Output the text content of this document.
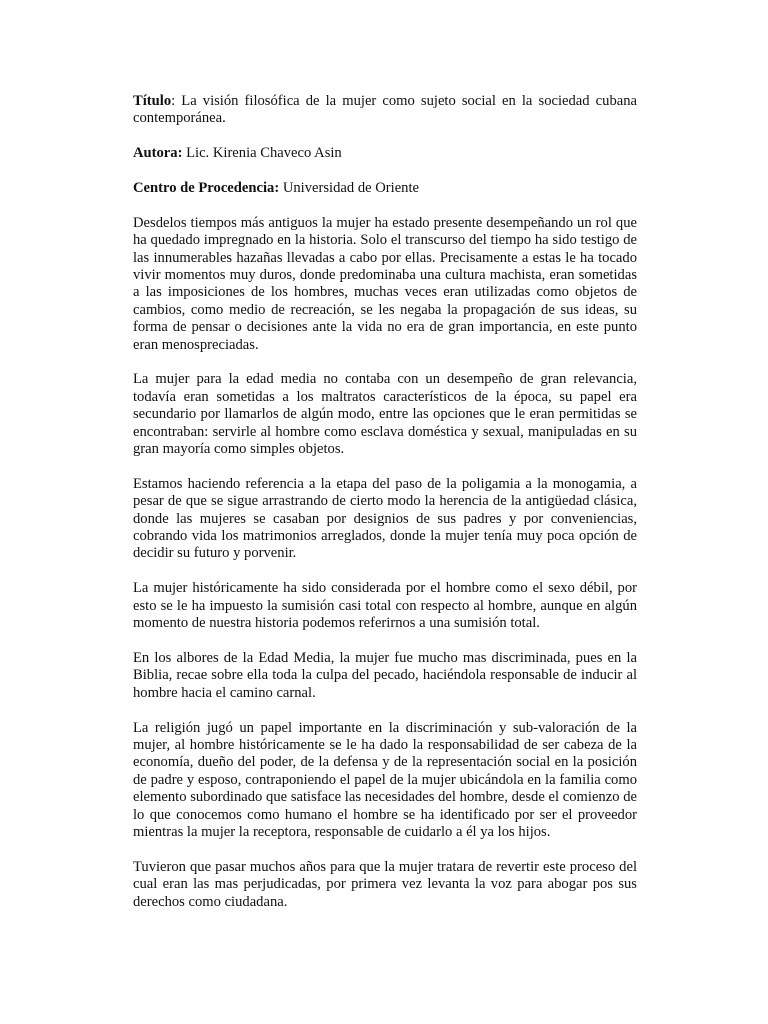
Título: La visión filosófica de la mujer como sujeto social en la sociedad cubana contemporánea.

Autora: Lic. Kirenia Chaveco Asin

Centro de Procedencia: Universidad de Oriente

Desdelos tiempos más antiguos la mujer ha estado presente desempeñando un rol que ha quedado impregnado en la historia. Solo el transcurso del tiempo ha sido testigo de las innumerables hazañas llevadas a cabo por ellas. Precisamente a estas le ha tocado vivir momentos muy duros, donde predominaba una cultura machista, eran sometidas a las imposiciones de los hombres, muchas veces eran utilizadas como objetos de cambios, como medio de recreación, se les negaba la propagación de sus ideas, su forma de pensar o decisiones ante la vida no era de gran importancia, en este punto eran menospreciadas.

La mujer para la edad media no contaba con un desempeño de gran relevancia, todavía eran sometidas a los maltratos característicos de la época, su papel era secundario por llamarlos de algún modo, entre las opciones que le eran permitidas se encontraban: servirle al hombre como esclava doméstica y sexual, manipuladas en su gran mayoría como simples objetos.

Estamos haciendo referencia a la etapa del paso de la poligamia a la monogamia, a pesar de que se sigue arrastrando de cierto modo la herencia de la antigüedad clásica, donde las mujeres se casaban por designios de sus padres y por conveniencias, cobrando vida los matrimonios arreglados, donde la mujer tenía muy poca opción de decidir su futuro y porvenir.

La mujer históricamente ha sido considerada por el hombre como el sexo débil, por esto se le ha impuesto la sumisión casi total con respecto al hombre, aunque en algún momento de nuestra historia podemos referirnos a una sumisión total.

En los albores de la Edad Media, la mujer fue mucho mas discriminada, pues en la Biblia, recae sobre ella toda la culpa del pecado, haciéndola responsable de inducir al hombre hacia el camino carnal.

La religión jugó un papel importante en la discriminación y sub-valoración de la mujer, al hombre históricamente se le ha dado la responsabilidad de ser cabeza de la economía, dueño del poder, de la defensa y de la representación social en la posición de padre y esposo, contraponiendo el papel de la mujer ubicándola en la familia como elemento subordinado que satisface las necesidades del hombre, desde el comienzo de lo que conocemos como humano el hombre se ha identificado por ser el proveedor mientras la mujer la receptora, responsable de cuidarlo a él ya los hijos.

Tuvieron que pasar muchos años para que la mujer tratara de revertir este proceso del cual eran las mas perjudicadas, por primera vez levanta la voz para abogar pos sus derechos como ciudadana.
